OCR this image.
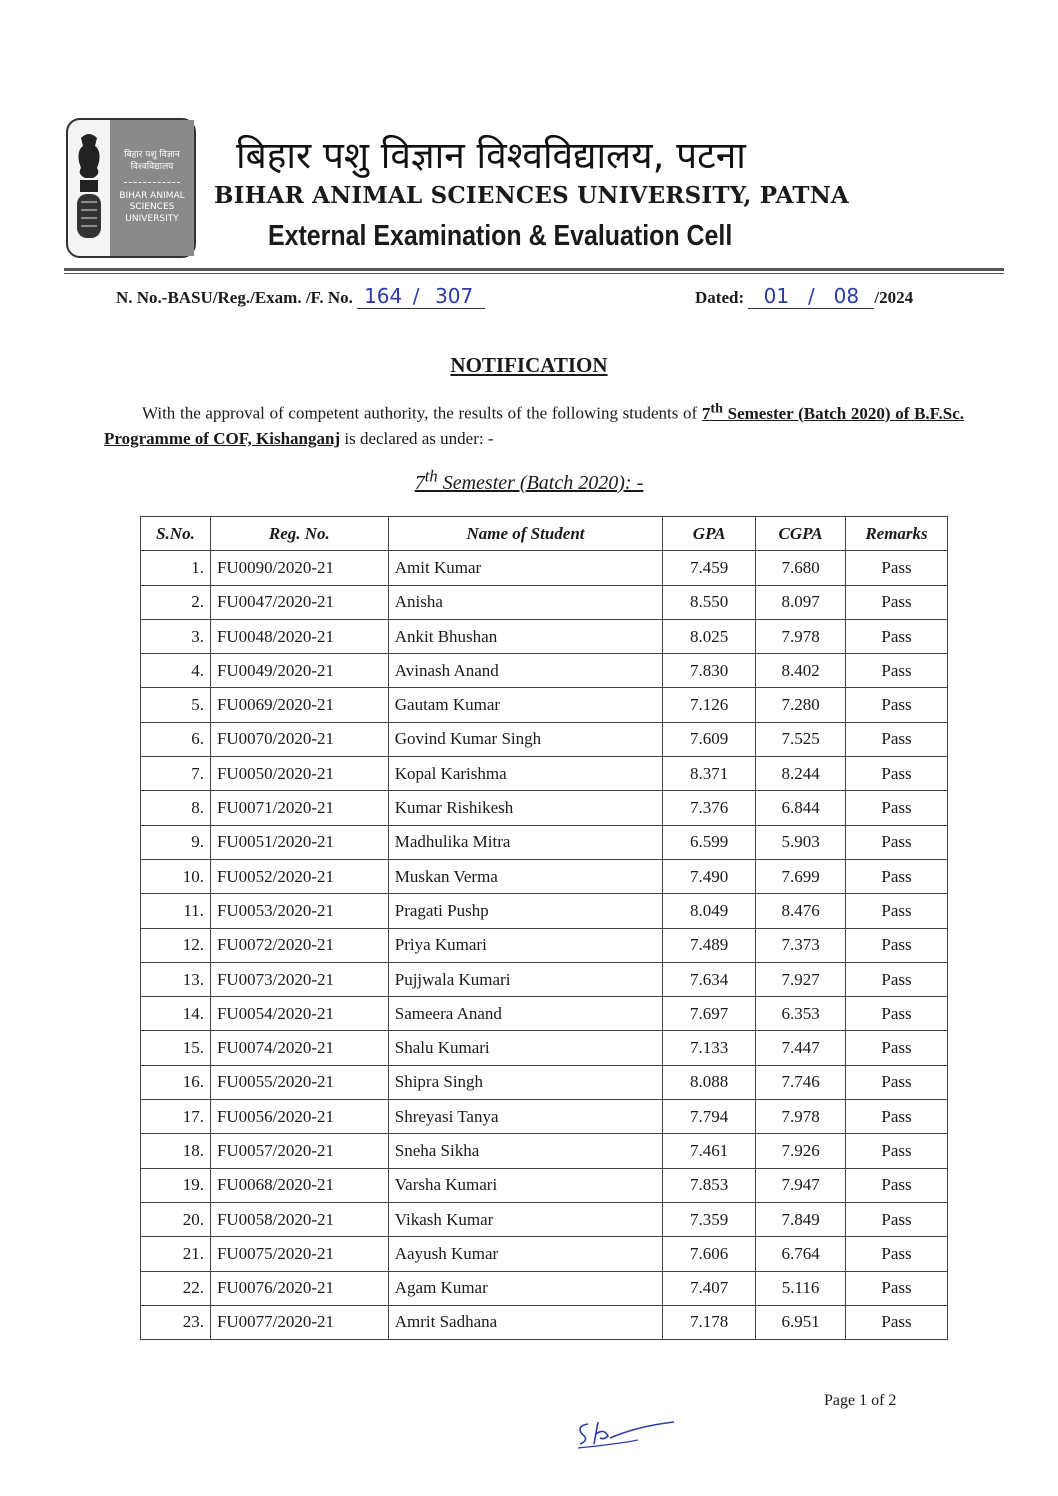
बिहार पशु विज्ञान विश्वविद्यालय
BIHAR ANIMAL SCIENCES UNIVERSITY
बिहार पशु विज्ञान विश्वविद्यालय, पटना
BIHAR ANIMAL SCIENCES UNIVERSITY, PATNA
External Examination & Evaluation Cell
N. No.-BASU/Reg./Exam. /F. No. 164 / 307	Dated: 01 / 08 /2024
NOTIFICATION
With the approval of competent authority, the results of the following students of 7th Semester (Batch 2020) of B.F.Sc. Programme of COF, Kishanganj is declared as under: -
7th Semester (Batch 2020): -
S.No.	Reg. No.	Name of Student	GPA	CGPA	Remarks
1.	FU0090/2020-21	Amit Kumar	7.459	7.680	Pass
2.	FU0047/2020-21	Anisha	8.550	8.097	Pass
3.	FU0048/2020-21	Ankit Bhushan	8.025	7.978	Pass
4.	FU0049/2020-21	Avinash Anand	7.830	8.402	Pass
5.	FU0069/2020-21	Gautam Kumar	7.126	7.280	Pass
6.	FU0070/2020-21	Govind Kumar Singh	7.609	7.525	Pass
7.	FU0050/2020-21	Kopal Karishma	8.371	8.244	Pass
8.	FU0071/2020-21	Kumar Rishikesh	7.376	6.844	Pass
9.	FU0051/2020-21	Madhulika Mitra	6.599	5.903	Pass
10.	FU0052/2020-21	Muskan Verma	7.490	7.699	Pass
11.	FU0053/2020-21	Pragati Pushp	8.049	8.476	Pass
12.	FU0072/2020-21	Priya Kumari	7.489	7.373	Pass
13.	FU0073/2020-21	Pujjwala Kumari	7.634	7.927	Pass
14.	FU0054/2020-21	Sameera Anand	7.697	6.353	Pass
15.	FU0074/2020-21	Shalu Kumari	7.133	7.447	Pass
16.	FU0055/2020-21	Shipra Singh	8.088	7.746	Pass
17.	FU0056/2020-21	Shreyasi Tanya	7.794	7.978	Pass
18.	FU0057/2020-21	Sneha Sikha	7.461	7.926	Pass
19.	FU0068/2020-21	Varsha Kumari	7.853	7.947	Pass
20.	FU0058/2020-21	Vikash Kumar	7.359	7.849	Pass
21.	FU0075/2020-21	Aayush Kumar	7.606	6.764	Pass
22.	FU0076/2020-21	Agam Kumar	7.407	5.116	Pass
23.	FU0077/2020-21	Amrit Sadhana	7.178	6.951	Pass
Page 1 of 2
